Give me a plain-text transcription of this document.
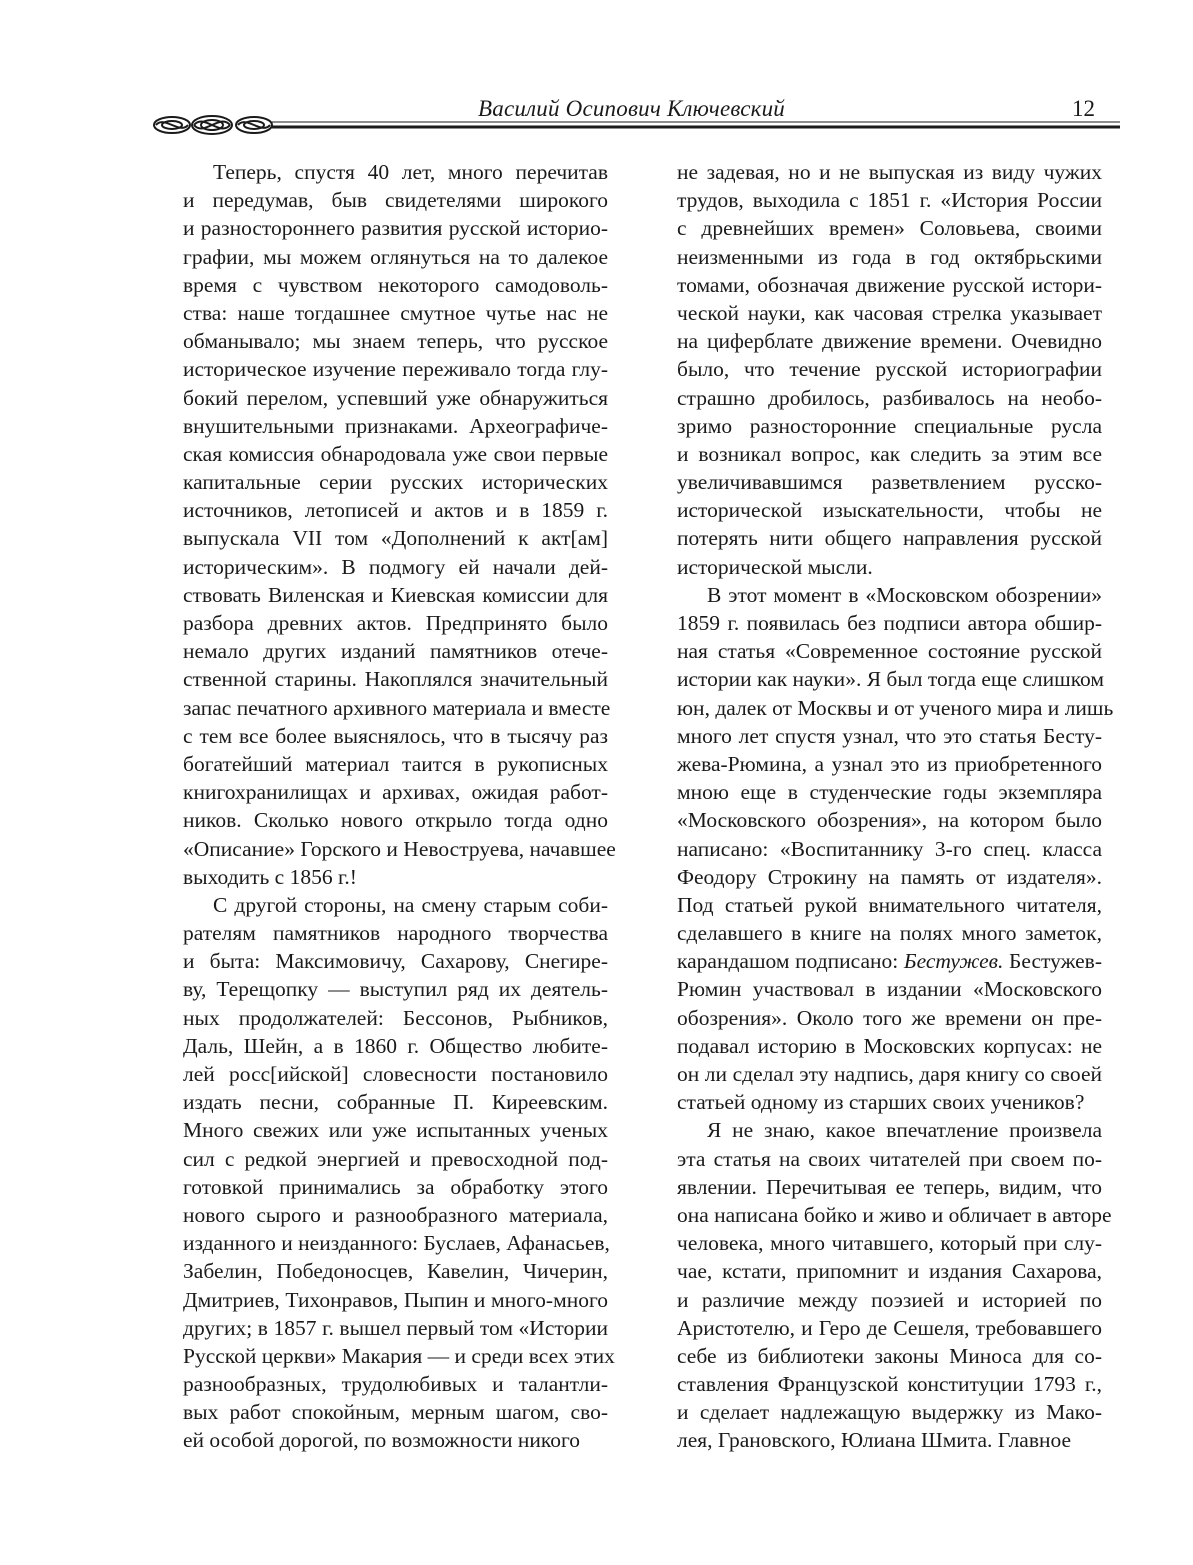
Василий Осипович Ключевский	12
Теперь, спустя 40 лет, много перечитав
и передумав, быв свидетелями широкого
и разностороннего развития русской историо-
графии, мы можем оглянуться на то далекое
время с чувством некоторого самодоволь-
ства: наше тогдашнее смутное чутье нас не
обманывало; мы знаем теперь, что русское
историческое изучение переживало тогда глу-
бокий перелом, успевший уже обнаружиться
внушительными признаками. Археографиче-
ская комиссия обнародовала уже свои первые
капитальные серии русских исторических
источников, летописей и актов и в 1859 г.
выпускала VII том «Дополнений к акт[ам]
историческим». В подмогу ей начали дей-
ствовать Виленская и Киевская комиссии для
разбора древних актов. Предпринято было
немало других изданий памятников отече-
ственной старины. Накоплялся значительный
запас печатного архивного материала и вместе
с тем все более выяснялось, что в тысячу раз
богатейший материал таится в рукописных
книгохранилищах и архивах, ожидая работ-
ников. Сколько нового открыло тогда одно
«Описание» Горского и Невоструева, начавшее
выходить с 1856 г.!
С другой стороны, на смену старым соби-
рателям памятников народного творчества
и быта: Максимовичу, Сахарову, Снегире-
ву, Терещопку — выступил ряд их деятель-
ных продолжателей: Бессонов, Рыбников,
Даль, Шейн, а в 1860 г. Общество любите-
лей росс[ийской] словесности постановило
издать песни, собранные П. Киреевским.
Много свежих или уже испытанных ученых
сил с редкой энергией и превосходной под-
готовкой принимались за обработку этого
нового сырого и разнообразного материала,
изданного и неизданного: Буслаев, Афанасьев,
Забелин, Победоносцев, Кавелин, Чичерин,
Дмитриев, Тихонравов, Пыпин и много-много
других; в 1857 г. вышел первый том «Истории
Русской церкви» Макария — и среди всех этих
разнообразных, трудолюбивых и талантли-
вых работ спокойным, мерным шагом, сво-
ей особой дорогой, по возможности никого
не задевая, но и не выпуская из виду чужих
трудов, выходила с 1851 г. «История России
с древнейших времен» Соловьева, своими
неизменными из года в год октябрьскими
томами, обозначая движение русской истори-
ческой науки, как часовая стрелка указывает
на циферблате движение времени. Очевидно
было, что течение русской историографии
страшно дробилось, разбивалось на необо-
зримо разносторонние специальные русла
и возникал вопрос, как следить за этим все
увеличивавшимся разветвлением русско-
исторической изыскательности, чтобы не
потерять нити общего направления русской
исторической мысли.
В этот момент в «Московском обозрении»
1859 г. появилась без подписи автора обшир-
ная статья «Современное состояние русской
истории как науки». Я был тогда еще слишком
юн, далек от Москвы и от ученого мира и лишь
много лет спустя узнал, что это статья Бесту-
жева-Рюмина, а узнал это из приобретенного
мною еще в студенческие годы экземпляра
«Московского обозрения», на котором было
написано: «Воспитаннику 3-го спец. класса
Феодору Строкину на память от издателя».
Под статьей рукой внимательного читателя,
сделавшего в книге на полях много заметок,
карандашом подписано: Бестужев. Бестужев-
Рюмин участвовал в издании «Московского
обозрения». Около того же времени он пре-
подавал историю в Московских корпусах: не
он ли сделал эту надпись, даря книгу со своей
статьей одному из старших своих учеников?
Я не знаю, какое впечатление произвела
эта статья на своих читателей при своем по-
явлении. Перечитывая ее теперь, видим, что
она написана бойко и живо и обличает в авторе
человека, много читавшего, который при слу-
чае, кстати, припомнит и издания Сахарова,
и различие между поэзией и историей по
Аристотелю, и Геро де Сешеля, требовавшего
себе из библиотеки законы Миноса для со-
ставления Французской конституции 1793 г.,
и сделает надлежащую выдержку из Мако-
лея, Грановского, Юлиана Шмита. Главное
